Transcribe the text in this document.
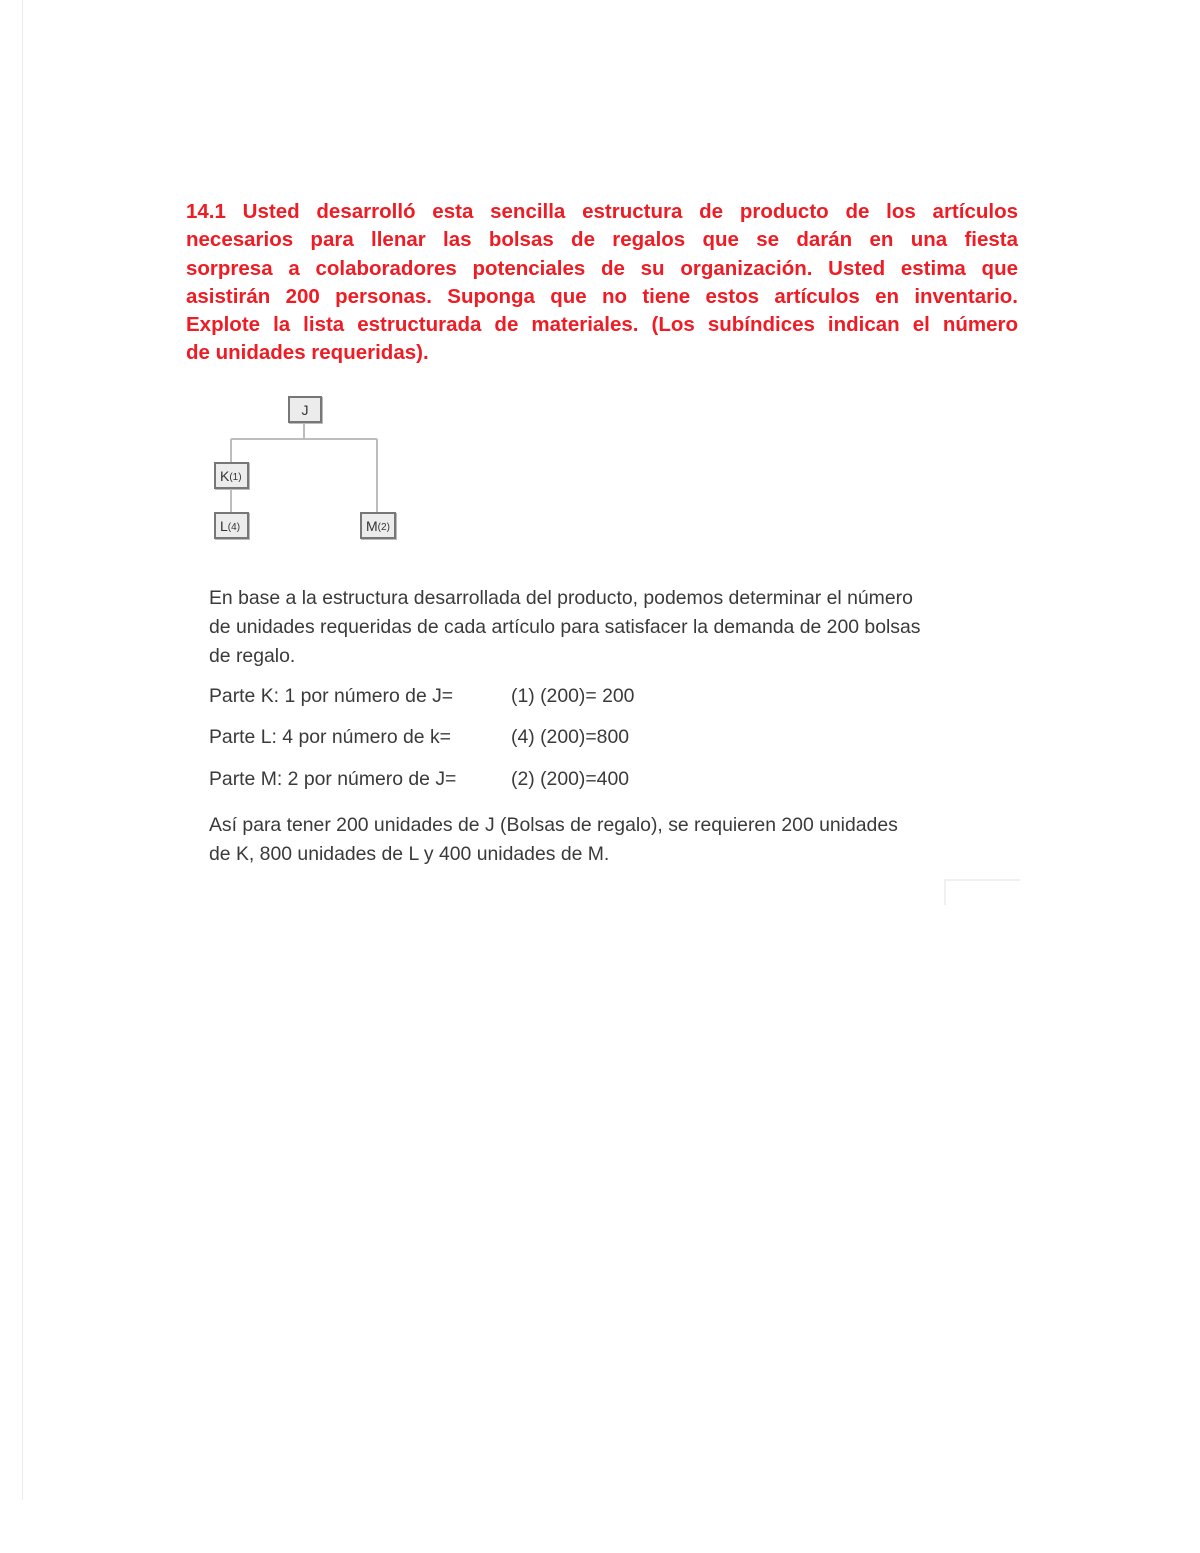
14.1 Usted desarrolló esta sencilla estructura de producto de los artículos
necesarios para llenar las bolsas de regalos que se darán en una fiesta
sorpresa a colaboradores potenciales de su organización. Usted estima que
asistirán 200 personas. Suponga que no tiene estos artículos en inventario.
Explote la lista estructurada de materiales. (Los subíndices indican el número
de unidades requeridas).

J
$K_{(1)}$
$L_{(4)}$	$M_{(2)}$

En base a la estructura desarrollada del producto, podemos determinar el número
de unidades requeridas de cada artículo para satisfacer la demanda de 200 bolsas
de regalo.

Parte K: 1 por número de J=	(1) (200)= 200
Parte L: 4 por número de k=	(4) (200)=800
Parte M: 2 por número de J=	(2) (200)=400

Así para tener 200 unidades de J (Bolsas de regalo), se requieren 200 unidades
de K, 800 unidades de L y 400 unidades de M.
